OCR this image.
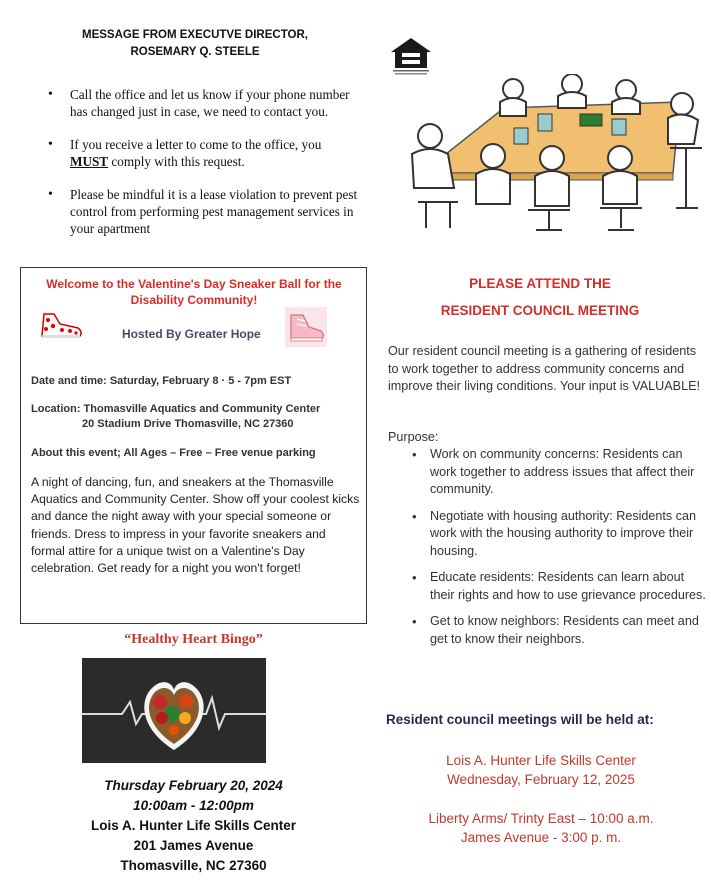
MESSAGE FROM EXECUTVE DIRECTOR,
ROSEMARY Q. STEELE
• Call the office and let us know if your phone number has changed just in case, we need to contact you.
• If you receive a letter to come to the office, you
MUST comply with this request.
• Please be mindful it is a lease violation to prevent pest control from performing pest management services in your apartment
Welcome to the Valentine's Day Sneaker Ball for the Disability Community!
Hosted By Greater Hope
Date and time: Saturday, February 8 · 5 - 7pm EST
Location: Thomasville Aquatics and Community Center
20 Stadium Drive Thomasville, NC 27360
About this event; All Ages – Free – Free venue parking
A night of dancing, fun, and sneakers at the Thomasville Aquatics and Community Center. Show off your coolest kicks and dance the night away with your special someone or friends. Dress to impress in your favorite sneakers and formal attire for a unique twist on a Valentine's Day celebration. Get ready for a night you won't forget!
“Healthy Heart Bingo”
Thursday February 20, 2024
10:00am - 12:00pm
Lois A. Hunter Life Skills Center
201 James Avenue
Thomasville, NC 27360
PLEASE ATTEND THE
RESIDENT COUNCIL MEETING
Our resident council meeting is a gathering of residents to work together to address community concerns and improve their living conditions. Your input is VALUABLE!
Purpose:
• Work on community concerns: Residents can work together to address issues that affect their community.
• Negotiate with housing authority: Residents can work with the housing authority to improve their housing.
• Educate residents: Residents can learn about their rights and how to use grievance procedures.
• Get to know neighbors: Residents can meet and get to know their neighbors.
Resident council meetings will be held at:
Lois A. Hunter Life Skills Center
Wednesday, February 12, 2025
Liberty Arms/ Trinty East – 10:00 a.m.
James Avenue - 3:00 p. m.
